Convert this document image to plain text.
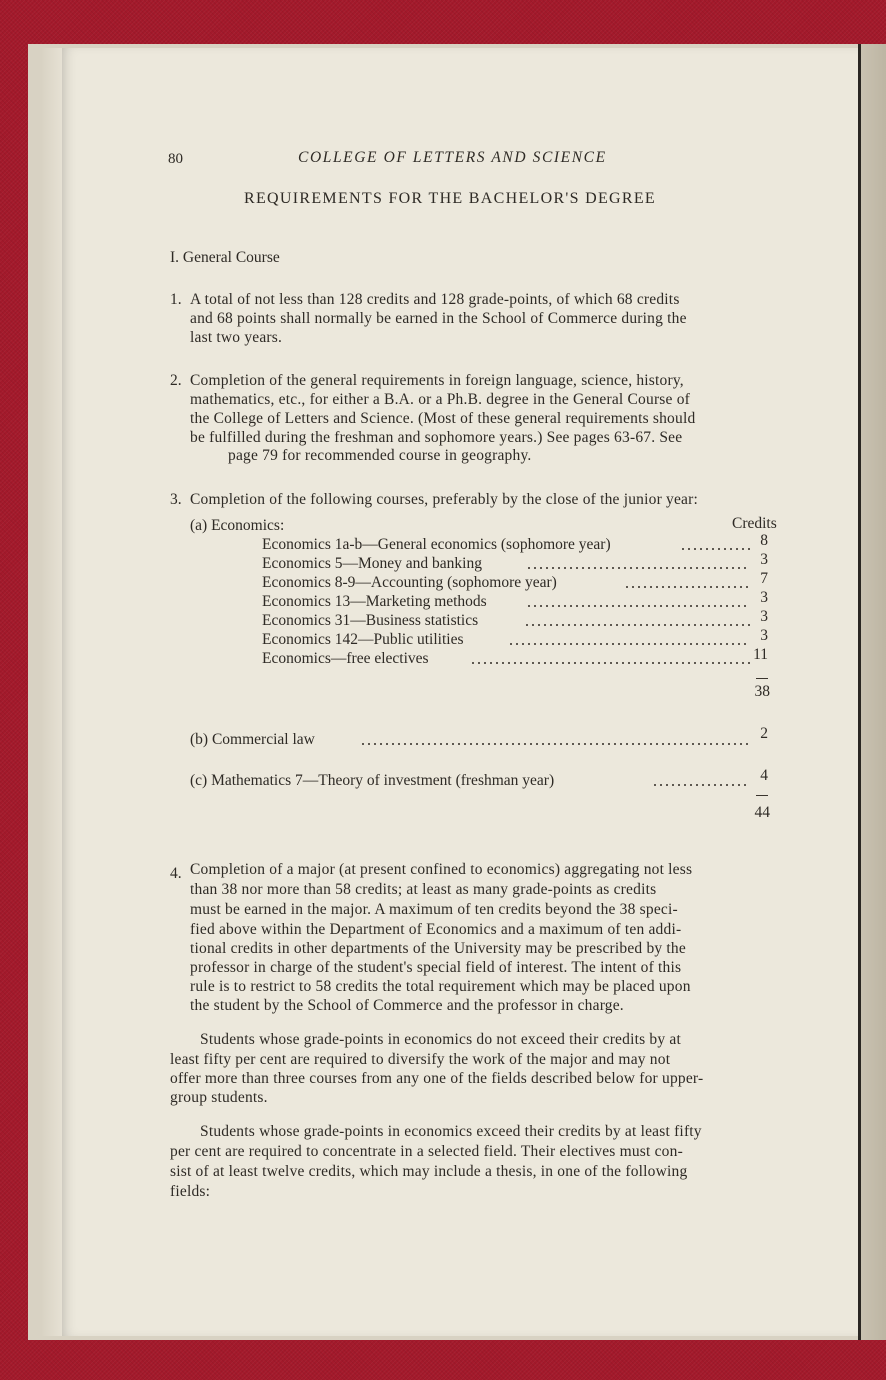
80	COLLEGE OF LETTERS AND SCIENCE
REQUIREMENTS FOR THE BACHELOR'S DEGREE
I. General Course
1. A total of not less than 128 credits and 128 grade-points, of which 68 credits
and 68 points shall normally be earned in the School of Commerce during the
last two years.
2. Completion of the general requirements in foreign language, science, history,
mathematics, etc., for either a B.A. or a Ph.B. degree in the General Course of
the College of Letters and Science. (Most of these general requirements should
be fulfilled during the freshman and sophomore years.) See pages 63-67. See
page 79 for recommended course in geography.
3. Completion of the following courses, preferably by the close of the junior year:
(a) Economics:	Credits
Economics 1a-b—General economics (sophomore year)	8
Economics 5—Money and banking	3
Economics 8-9—Accounting (sophomore year)	7
Economics 13—Marketing methods	3
Economics 31—Business statistics	3
Economics 142—Public utilities	3
Economics—free electives	11
38
(b) Commercial law	2
(c) Mathematics 7—Theory of investment (freshman year)	4
44
4. Completion of a major (at present confined to economics) aggregating not less
than 38 nor more than 58 credits; at least as many grade-points as credits
must be earned in the major. A maximum of ten credits beyond the 38 speci-
fied above within the Department of Economics and a maximum of ten addi-
tional credits in other departments of the University may be prescribed by the
professor in charge of the student's special field of interest. The intent of this
rule is to restrict to 58 credits the total requirement which may be placed upon
the student by the School of Commerce and the professor in charge.
Students whose grade-points in economics do not exceed their credits by at
least fifty per cent are required to diversify the work of the major and may not
offer more than three courses from any one of the fields described below for upper-
group students.
Students whose grade-points in economics exceed their credits by at least fifty
per cent are required to concentrate in a selected field. Their electives must con-
sist of at least twelve credits, which may include a thesis, in one of the following
fields:
